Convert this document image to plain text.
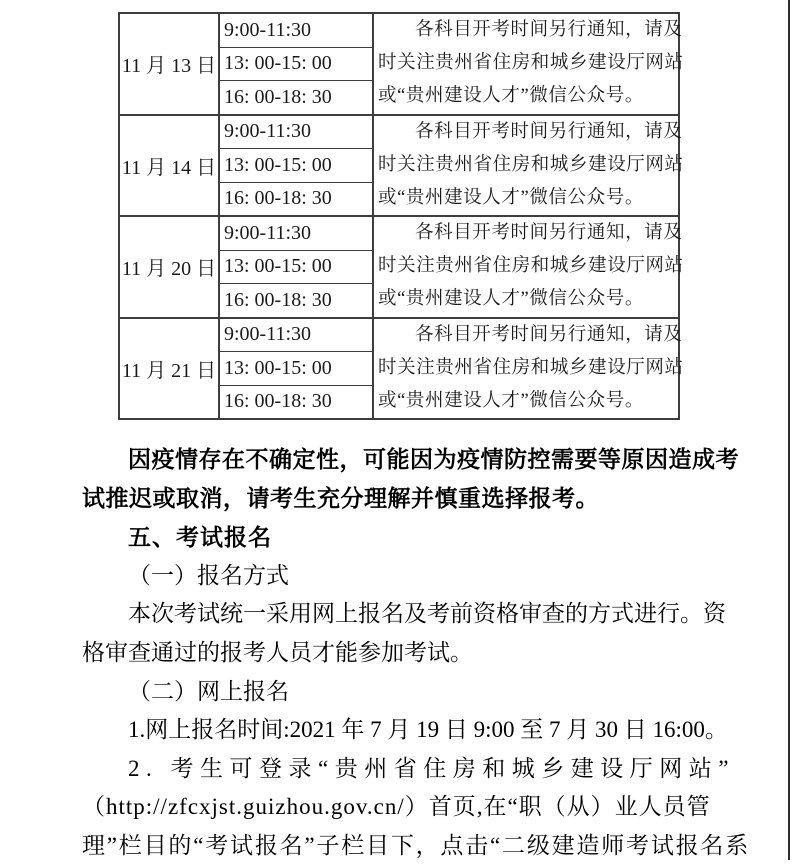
11 月 13 日
9:00-11:30
13: 00-15: 00
16: 00-18: 30
各科目开考时间另行通知，请及
时关注贵州省住房和城乡建设厅网站
或“贵州建设人才”微信公众号。
11 月 14 日
9:00-11:30
13: 00-15: 00
16: 00-18: 30
各科目开考时间另行通知，请及
时关注贵州省住房和城乡建设厅网站
或“贵州建设人才”微信公众号。
11 月 20 日
9:00-11:30
13: 00-15: 00
16: 00-18: 30
各科目开考时间另行通知，请及
时关注贵州省住房和城乡建设厅网站
或“贵州建设人才”微信公众号。
11 月 21 日
9:00-11:30
13: 00-15: 00
16: 00-18: 30
各科目开考时间另行通知，请及
时关注贵州省住房和城乡建设厅网站
或“贵州建设人才”微信公众号。
因疫情存在不确定性，可能因为疫情防控需要等原因造成考
试推迟或取消，请考生充分理解并慎重选择报考。
五、考试报名
（一）报名方式
本次考试统一采用网上报名及考前资格审查的方式进行。资
格审查通过的报考人员才能参加考试。
（二）网上报名
1.网上报名时间:2021 年 7 月 19 日 9:00 至 7 月 30 日 16:00。
2. 考生可登录“贵州省住房和城乡建设厅网站”
（http://zfcxjst.guizhou.gov.cn/）首页,在“职（从）业人员管
理”栏目的“考试报名”子栏目下，点击“二级建造师考试报名系
